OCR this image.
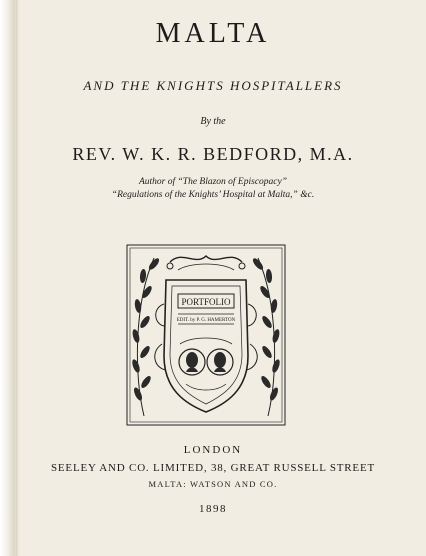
MALTA
AND THE KNIGHTS HOSPITALLERS
By the
REV. W. K. R. BEDFORD, M.A.
Author of “The Blazon of Episcopacy”
“Regulations of the Knights’ Hospital at Malta,” &c.
PORTFOLIO
EDIT. by P. G. HAMERTON
LONDON
SEELEY AND CO. LIMITED, 38, GREAT RUSSELL STREET
MALTA: WATSON AND CO.
1898
